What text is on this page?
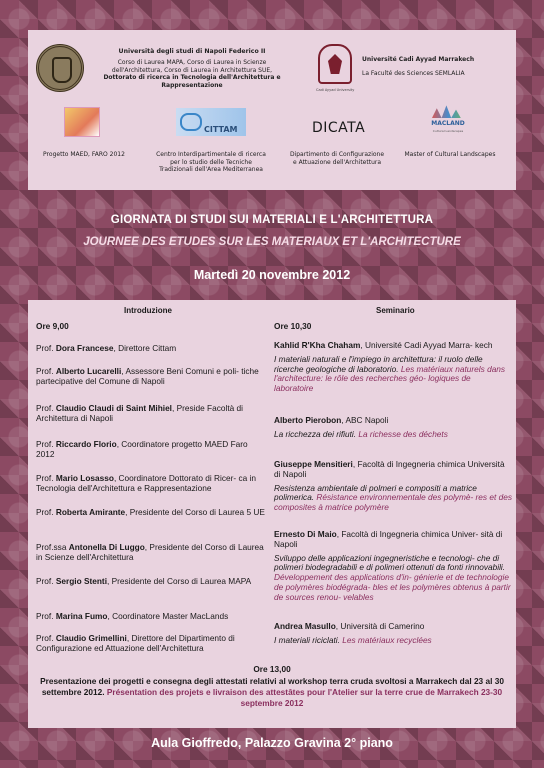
Università degli studi di Napoli Federico II
Corso di Laurea MAPA, Corso di Laurea in Scienze
dell'Architettura, Corso di Laurea in Architettura SUE,
Dottorato di ricerca in Tecnologia dell'Architettura e
Rappresentazione
Cadi Ayyad University
Université Cadi Ayyad Marrakech
La Faculté des Sciences SEMLALIA
Progetto MAED, FARO 2012
CITTAM
Centro Interdipartimentale di ricerca
per lo studio delle Tecniche
Tradizionali dell'Area Mediterranea
DICATA
Dipartimento di Configurazione
e Attuazione dell'Architettura
MACLAND
Cultural Landscapes
Master of Cultural Landscapes
GIORNATA DI STUDI SUI MATERIALI E L'ARCHITETTURA
JOURNEE DES ETUDES SUR LES MATERIAUX ET L'ARCHITECTURE
Martedì 20 novembre 2012
Introduzione	Seminario
Ore 9,00	Ore 10,30
Prof. Dora Francese, Direttore Cittam
Prof. Alberto Lucarelli, Assessore Beni Comuni e poli- tiche partecipative del Comune di Napoli
Prof. Claudio Claudi di Saint Mihiel, Preside Facoltà di Architettura di Napoli
Prof. Riccardo Florio, Coordinatore progetto MAED Faro 2012
Prof. Mario Losasso, Coordinatore Dottorato di Ricer- ca in Tecnologia dell'Architettura e Rappresentazione
Prof. Roberta Amirante, Presidente del Corso di Laurea 5 UE
Prof.ssa Antonella Di Luggo, Presidente del Corso di Laurea in Scienze dell'Architettura
Prof. Sergio Stenti, Presidente del Corso di Laurea MAPA
Prof. Marina Fumo, Coordinatore Master MacLands
Prof. Claudio Grimellini, Direttore del Dipartimento di Configurazione ed Attuazione dell'Architettura
Kahlid R'Kha Chaham, Université Cadi Ayyad Marra- kech
I materiali naturali e l'impiego in architettura: il ruolo delle ricerche geologiche di laboratorio. Les matériaux naturels dans l'architecture: le rôle des recherches géo- logiques de laboratoire
Alberto Pierobon, ABC Napoli
La ricchezza dei rifiuti. La richesse des déchets
Giuseppe Mensitieri, Facoltà di Ingegneria chimica Università di Napoli
Resistenza ambientale di polmeri e compositi a matrice polimerica. Résistance environnementale des polymè- res et des composites à matrice polymère
Ernesto Di Maio, Facoltà di Ingegneria chimica Univer- sità di Napoli
Sviluppo delle applicazioni ingegneristiche e tecnologi- che di polimeri biodegradabili e di polimeri ottenuti da fonti rinnovabili. Développement des applications d'in- génierie et de technologie de polymères biodégrada- bles et les polymères obtenus à partir de sources renou- velables
Andrea Masullo, Università di Camerino
I materiali riciclati. Les matériaux recyclées
Ore 13,00
Presentazione dei progetti e consegna degli attestati relativi al workshop terra cruda svoltosi a Marrakech dal 23 al 30 settembre 2012. Présentation des projets e livraison des attestâtes pour l'Atelier sur la terre crue de Marrakech 23-30 septembre 2012
Aula Gioffredo, Palazzo Gravina 2° piano
